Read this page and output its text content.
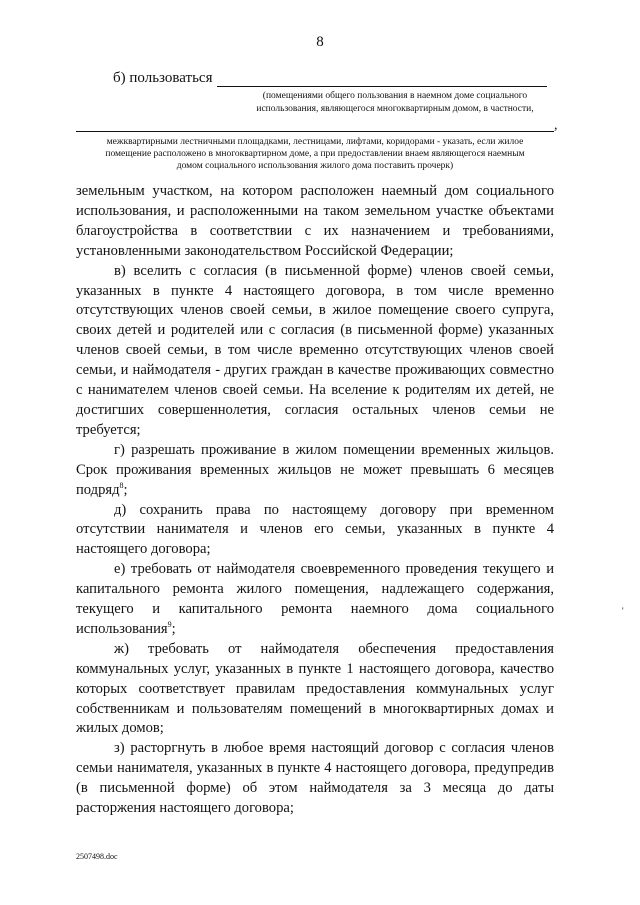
8
б) пользоваться
(помещениями общего пользования в наемном доме социального
использования, являющегося многоквартирным домом, в частности,
,
межквартирными лестничными площадками, лестницами, лифтами, коридорами - указать, если жилое
помещение расположено в многоквартирном доме, а при предоставлении внаем являющегося наемным
домом социального использования жилого дома поставить прочерк)

земельным участком, на котором расположен наемный дом социального использования, и расположенными на таком земельном участке объектами благоустройства в соответствии с их назначением и требованиями, установленными законодательством Российской Федерации;

в) вселить с согласия (в письменной форме) членов своей семьи, указанных в пункте 4 настоящего договора, в том числе временно отсутствующих членов своей семьи, в жилое помещение своего супруга, своих детей и родителей или с согласия (в письменной форме) указанных членов своей семьи, в том числе временно отсутствующих членов своей семьи, и наймодателя - других граждан в качестве проживающих совместно с нанимателем членов своей семьи. На вселение к родителям их детей, не достигших совершеннолетия, согласия остальных членов семьи не требуется;

г) разрешать проживание в жилом помещении временных жильцов. Срок проживания временных жильцов не может превышать 6 месяцев подряд$^8$;

д) сохранить права по настоящему договору при временном отсутствии нанимателя и членов его семьи, указанных в пункте 4 настоящего договора;

е) требовать от наймодателя своевременного проведения текущего и капитального ремонта жилого помещения, надлежащего содержания, текущего и капитального ремонта наемного дома социального использования$^9$;

ж) требовать от наймодателя обеспечения предоставления коммунальных услуг, указанных в пункте 1 настоящего договора, качество которых соответствует правилам предоставления коммунальных услуг собственникам и пользователям помещений в многоквартирных домах и жилых домов;

з) расторгнуть в любое время настоящий договор с согласия членов семьи нанимателя, указанных в пункте 4 настоящего договора, предупредив (в письменной форме) об этом наймодателя за 3 месяца до даты расторжения настоящего договора;

'
2507498.doc
